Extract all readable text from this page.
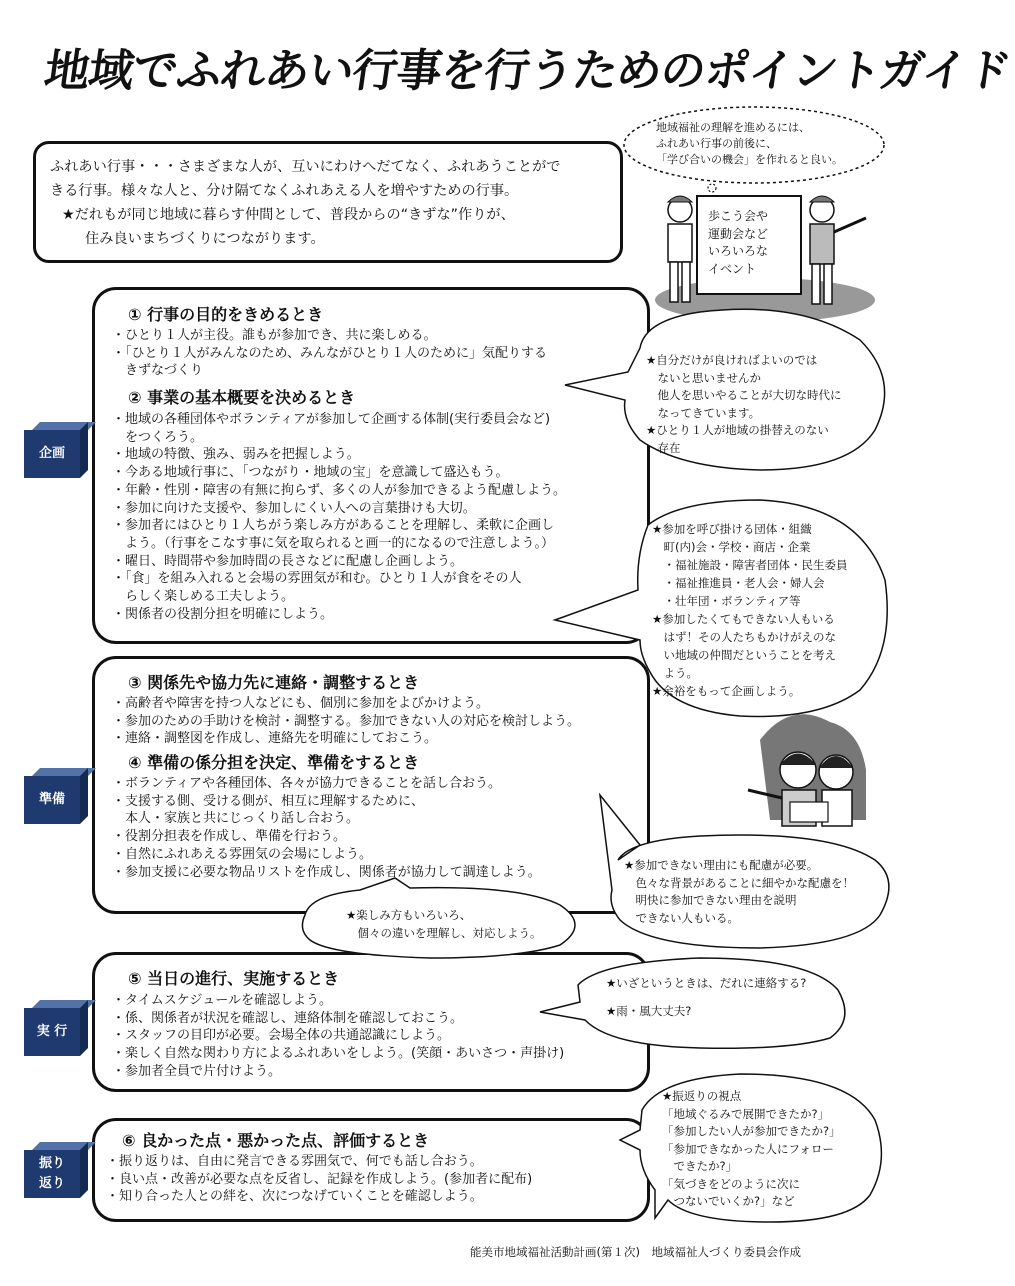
地域でふれあい行事を行うためのポイントガイド

ふれあい行事・・・さまざまな人が、互いにわけへだてなく、ふれあうことがで

きる行事。様々な人と、分け隔てなくふれあえる人を増やすための行事。

★だれもが同じ地域に暮らす仲間として、普段からの“きずな”作りが、

住み良いまちづくりにつながります。

地域福祉の理解を進めるには、
ふれあい行事の前後に、
「学び合いの機会」を作れると良い。
歩こう会や
運動会など
いろいろな
イベント
企画
準備
実 行
振り
返り
① 行事の目的をきめるとき
・ひとり１人が主役。誰もが参加でき、共に楽しめる。
・「ひとり１人がみんなのため、みんながひとり１人のために」気配りする
　きずなづくり
② 事業の基本概要を決めるとき
・地域の各種団体やボランティアが参加して企画する体制(実行委員会など)
　をつくろう。
・地域の特徴、強み、弱みを把握しよう。
・今ある地域行事に、「つながり・地域の宝」を意識して盛込もう。
・年齢・性別・障害の有無に拘らず、多くの人が参加できるよう配慮しよう。
・参加に向けた支援や、参加しにくい人への言葉掛けも大切。
・参加者にはひとり１人ちがう楽しみ方があることを理解し、柔軟に企画し
　よう。（行事をこなす事に気を取られると画一的になるので注意しよう。）
・曜日、時間帯や参加時間の長さなどに配慮し企画しよう。
・「食」を組み入れると会場の雰囲気が和む。ひとり１人が食をその人
　らしく楽しめる工夫しよう。
・関係者の役割分担を明確にしよう。
③ 関係先や協力先に連絡・調整するとき
・高齢者や障害を持つ人などにも、個別に参加をよびかけよう。
・参加のための手助けを検討・調整する。参加できない人の対応を検討しよう。
・連絡・調整図を作成し、連絡先を明確にしておこう。
④ 準備の係分担を決定、準備をするとき
・ボランティアや各種団体、各々が協力できることを話し合おう。
・支援する側、受ける側が、相互に理解するために、
　本人・家族と共にじっくり話し合おう。
・役割分担表を作成し、準備を行おう。
・自然にふれあえる雰囲気の会場にしよう。
・参加支援に必要な物品リストを作成し、関係者が協力して調達しよう。
⑤ 当日の進行、実施するとき
・タイムスケジュールを確認しよう。
・係、関係者が状況を確認し、連絡体制を確認しておこう。
・スタッフの目印が必要。会場全体の共通認識にしよう。
・楽しく自然な関わり方によるふれあいをしよう。(笑顔・あいさつ・声掛け)
・参加者全員で片付けよう。
⑥ 良かった点・悪かった点、評価するとき
・振り返りは、自由に発言できる雰囲気で、何でも話し合おう。
・良い点・改善が必要な点を反省し、記録を作成しよう。(参加者に配布)
・知り合った人との絆を、次につなげていくことを確認しよう。
★自分だけが良ければよいのでは
　ないと思いませんか
　他人を思いやることが大切な時代に
　なってきています。
★ひとり１人が地域の掛替えのない
　存在
★参加を呼び掛ける団体・組織
　町(内)会・学校・商店・企業
　・福祉施設・障害者団体・民生委員
　・福祉推進員・老人会・婦人会
　・壮年団・ボランティア等
★参加したくてもできない人もいる
　はず！その人たちもかけがえのな
　い地域の仲間だということを考え
　よう。
★余裕をもって企画しよう。
★参加できない理由にも配慮が必要。
　色々な背景があることに細やかな配慮を！
　明快に参加できない理由を説明
　できない人もいる。
★楽しみ方もいろいろ、
　個々の違いを理解し、対応しよう。
★いざというときは、だれに連絡する?

★雨・風大丈夫?
★振返りの視点
「地域ぐるみで展開できたか?」
「参加したい人が参加できたか?」
「参加できなかった人にフォロー
　できたか?」
「気づきをどのように次に
　つないでいくか?」など
能美市地域福祉活動計画(第１次)　地域福祉人づくり委員会作成
